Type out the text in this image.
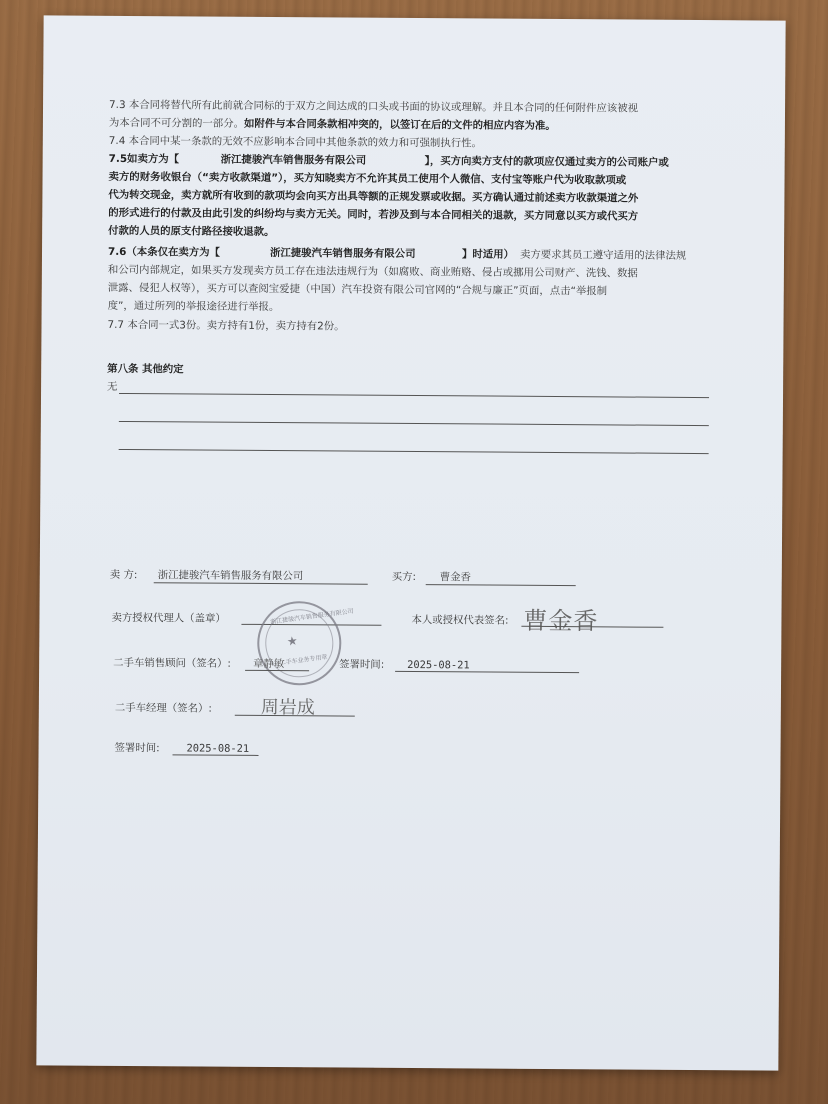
7.3 本合同将替代所有此前就合同标的于双方之间达成的口头或书面的协议或理解。并且本合同的任何附件应该被视
为本合同不可分割的一部分。如附件与本合同条款相冲突的，以签订在后的文件的相应内容为准。
7.4 本合同中某一条款的无效不应影响本合同中其他条款的效力和可强制执行性。
7.5如卖方为【	浙江捷骏汽车销售服务有限公司	】，买方向卖方支付的款项应仅通过卖方的公司账户或
卖方的财务收银台（“卖方收款渠道”），买方知晓卖方不允许其员工使用个人微信、支付宝等账户代为收取款项或
代为转交现金，卖方就所有收到的款项均会向买方出具等额的正规发票或收据。买方确认通过前述卖方收款渠道之外
的形式进行的付款及由此引发的纠纷均与卖方无关。同时，若涉及到与本合同相关的退款，买方同意以买方或代买方
付款的人员的原支付路径接收退款。
7.6（本条仅在卖方为【	浙江捷骏汽车销售服务有限公司	】时适用） 卖方要求其员工遵守适用的法律法规
和公司内部规定，如果买方发现卖方员工存在违法违规行为（如腐败、商业贿赂、侵占或挪用公司财产、洗钱、数据
泄露、侵犯人权等），买方可以查阅宝爱捷（中国）汽车投资有限公司官网的“合规与廉正”页面，点击“举报制
度”，通过所列的举报途径进行举报。
7.7 本合同一式3份。卖方持有1份，卖方持有2份。
第八条 其他约定
无
卖 方: 浙江捷骏汽车销售服务有限公司	买方: 曹金香
卖方授权代理人（盖章）	本人或授权代表签名: 曹金香
浙江捷骏汽车销售服务有限公司
★
二手车业务专用章
二手车销售顾问（签名）: 章静敏	签署时间: 2025-08-21
二手车经理（签名）:	周岩成
签署时间:	2025-08-21
